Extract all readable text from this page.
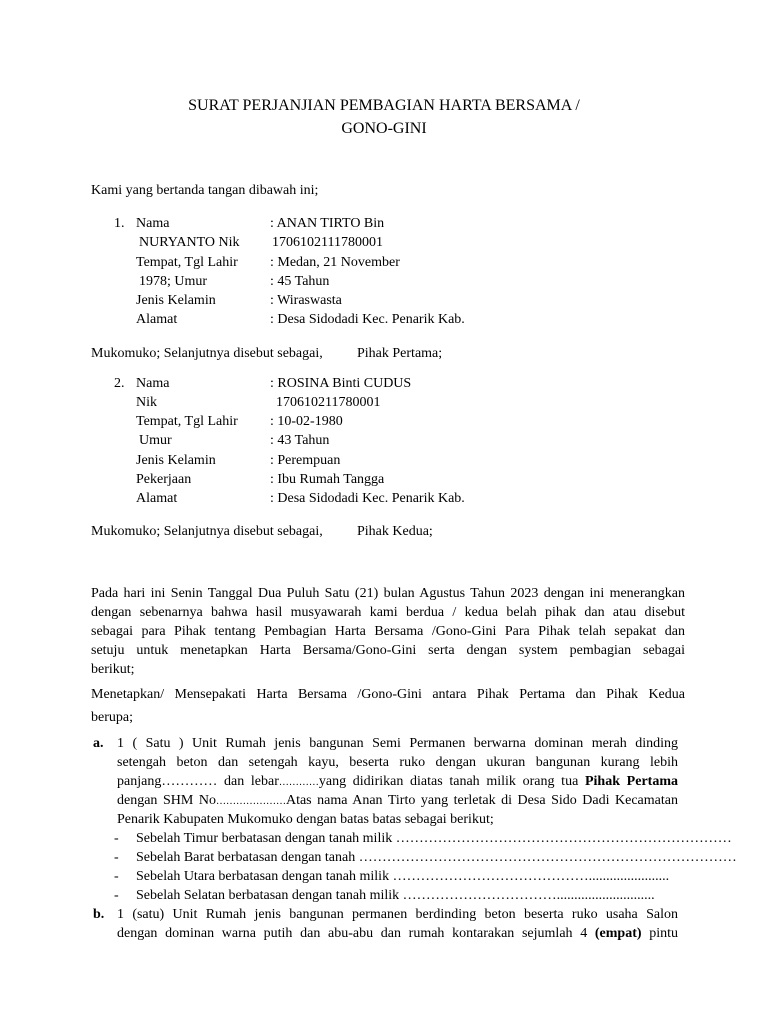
SURAT PERJANJIAN PEMBAGIAN HARTA BERSAMA /
GONO-GINI
Kami yang bertanda tangan dibawah ini;
1. Nama	: ANAN TIRTO Bin
NURYANTO Nik 1706102111780001
Tempat, Tgl Lahir : Medan, 21 November
1978; Umur	: 45 Tahun
Jenis Kelamin	: Wiraswasta
Alamat	: Desa Sidodadi Kec. Penarik Kab.
Mukomuko; Selanjutnya disebut sebagai, Pihak Pertama;
2. Nama	: ROSINA Binti CUDUS
Nik	170610211780001
Tempat, Tgl Lahir : 10-02-1980
Umur	: 43 Tahun
Jenis Kelamin	: Perempuan
Pekerjaan	: Ibu Rumah Tangga
Alamat	: Desa Sidodadi Kec. Penarik Kab.
Mukomuko; Selanjutnya disebut sebagai, Pihak Kedua;
Pada hari ini Senin Tanggal Dua Puluh Satu (21) bulan Agustus Tahun 2023 dengan ini menerangkan
dengan sebenarnya bahwa hasil musyawarah kami berdua / kedua belah pihak dan atau disebut
sebagai para Pihak tentang Pembagian Harta Bersama /Gono-Gini Para Pihak telah sepakat dan
setuju untuk menetapkan Harta Bersama/Gono-Gini serta dengan system pembagian sebagai
berikut;
Menetapkan/ Mensepakati Harta Bersama /Gono-Gini antara Pihak Pertama dan Pihak Kedua
berupa;
a. 1 ( Satu ) Unit Rumah jenis bangunan Semi Permanen berwarna dominan merah dinding
setengah beton dan setengah kayu, beserta ruko dengan ukuran bangunan kurang lebih
panjang………… dan lebar…………yang didirikan diatas tanah milik orang tua Pihak Pertama
dengan SHM No…………………Atas nama Anan Tirto yang terletak di Desa Sido Dadi Kecamatan
Penarik Kabupaten Mukomuko dengan batas batas sebagai berikut;
- Sebelah Timur berbatasan dengan tanah milik ………………………………………………………………
- Sebelah Barat berbatasan dengan tanah ………………………………………………………………………
- Sebelah Utara berbatasan dengan tanah milik …………………………………….......................
- Sebelah Selatan berbatasan dengan tanah milik ……………………………............................
b. 1 (satu) Unit Rumah jenis bangunan permanen berdinding beton beserta ruko usaha Salon
dengan dominan warna putih dan abu-abu dan rumah kontarakan sejumlah 4 (empat) pintu
